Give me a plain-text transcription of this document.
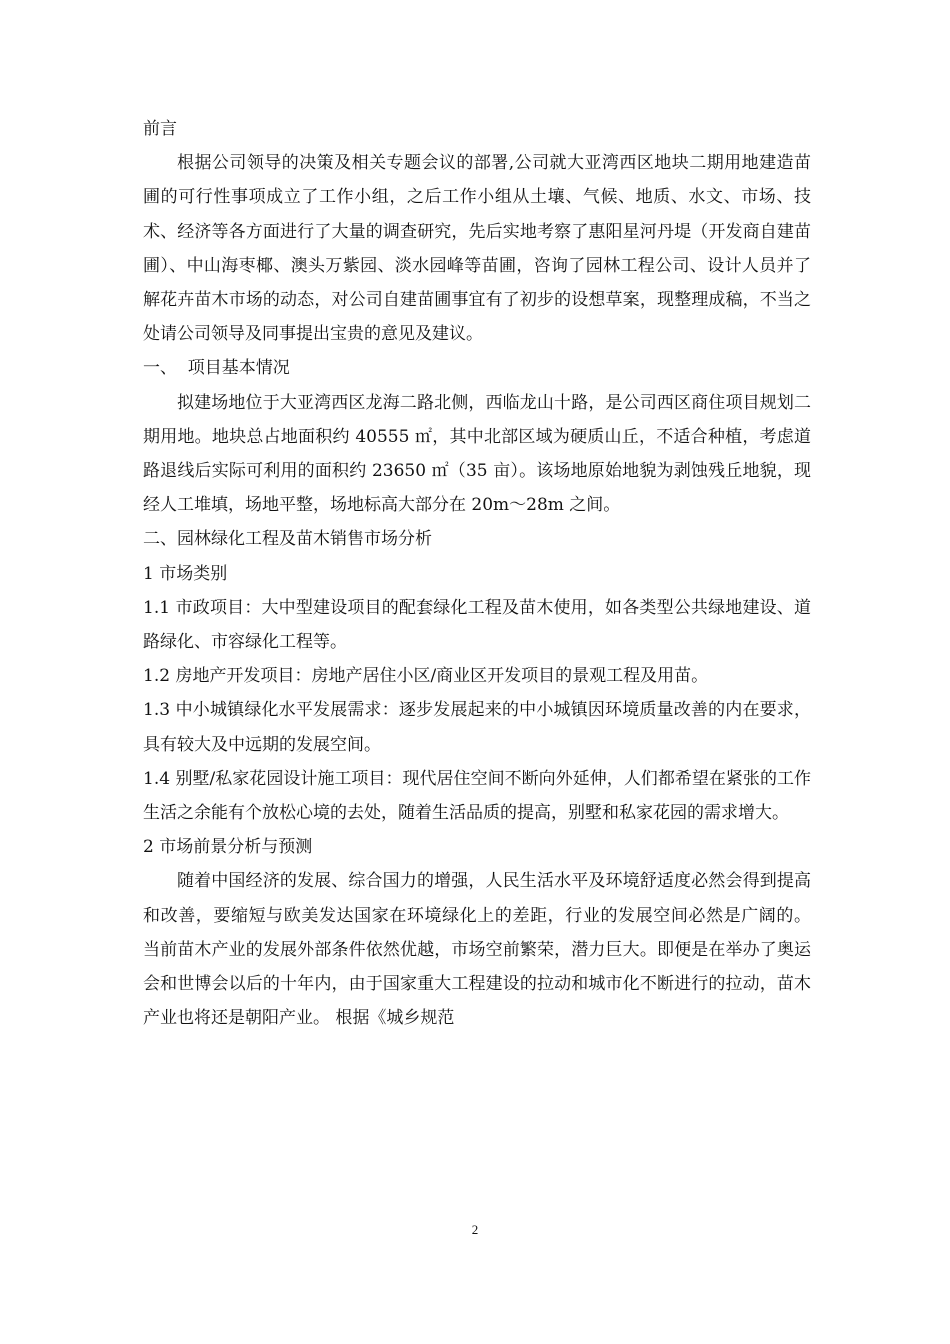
前言

根据公司领导的决策及相关专题会议的部署,公司就大亚湾西区地块二期用地建造苗圃的可行性事项成立了工作小组，之后工作小组从土壤、气候、地质、水文、市场、技术、经济等各方面进行了大量的调查研究，先后实地考察了惠阳星河丹堤（开发商自建苗圃）、中山海枣椰、澳头万紫园、淡水园峰等苗圃，咨询了园林工程公司、设计人员并了解花卉苗木市场的动态，对公司自建苗圃事宜有了初步的设想草案，现整理成稿，不当之处请公司领导及同事提出宝贵的意见及建议。

一、  项目基本情况

拟建场地位于大亚湾西区龙海二路北侧，西临龙山十路，是公司西区商住项目规划二期用地。地块总占地面积约 40555 ㎡，其中北部区域为硬质山丘，不适合种植，考虑道路退线后实际可利用的面积约 23650 ㎡（35 亩）。该场地原始地貌为剥蚀残丘地貌，现经人工堆填，场地平整，场地标高大部分在 20m～28m 之间。

二、园林绿化工程及苗木销售市场分析

1 市场类别

1.1 市政项目：大中型建设项目的配套绿化工程及苗木使用，如各类型公共绿地建设、道路绿化、市容绿化工程等。

1.2 房地产开发项目：房地产居住小区/商业区开发项目的景观工程及用苗。

1.3 中小城镇绿化水平发展需求：逐步发展起来的中小城镇因环境质量改善的内在要求，具有较大及中远期的发展空间。

1.4 别墅/私家花园设计施工项目：现代居住空间不断向外延伸，人们都希望在紧张的工作生活之余能有个放松心境的去处，随着生活品质的提高，别墅和私家花园的需求增大。

2 市场前景分析与预测

随着中国经济的发展、综合国力的增强，人民生活水平及环境舒适度必然会得到提高和改善，要缩短与欧美发达国家在环境绿化上的差距，行业的发展空间必然是广阔的。 当前苗木产业的发展外部条件依然优越，市场空前繁荣，潜力巨大。即便是在举办了奥运会和世博会以后的十年内，由于国家重大工程建设的拉动和城市化不断进行的拉动，苗木产业也将还是朝阳产业。 根据《城乡规范

2
